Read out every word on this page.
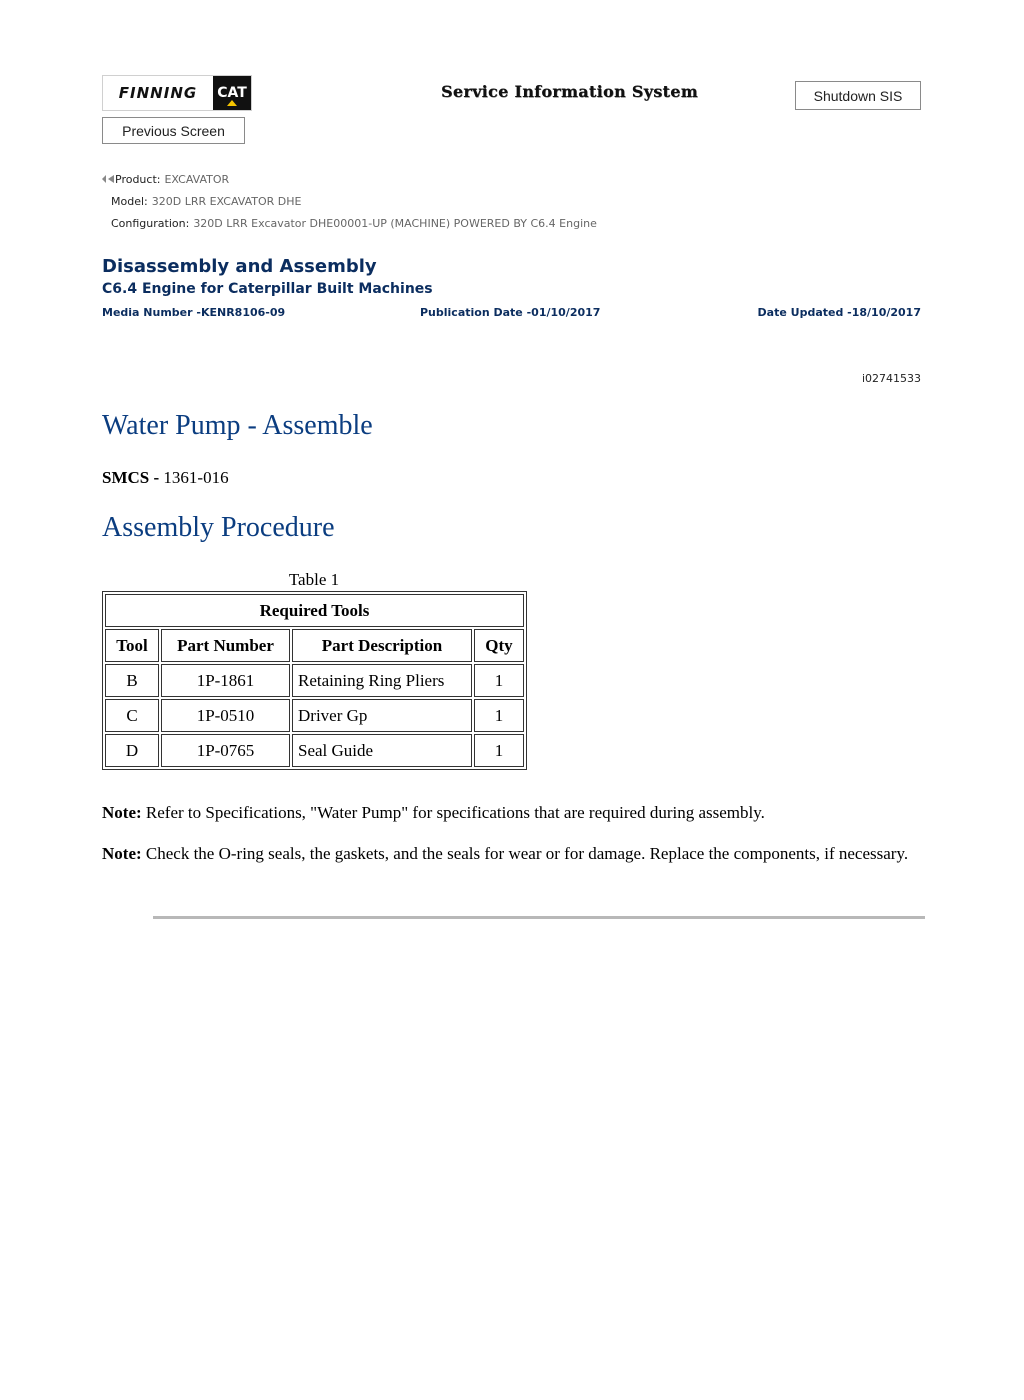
FINNING	CAT	Service Information System	Shutdown SIS
Previous Screen
Product: EXCAVATOR
Model: 320D LRR EXCAVATOR DHE
Configuration: 320D LRR Excavator DHE00001-UP (MACHINE) POWERED BY C6.4 Engine
Disassembly and Assembly
C6.4 Engine for Caterpillar Built Machines
Media Number -KENR8106-09	Publication Date -01/10/2017	Date Updated -18/10/2017
i02741533
Water Pump - Assemble
SMCS - 1361-016
Assembly Procedure
Table 1
Required Tools			
Tool	Part Number	Part Description	Qty
B	1P-1861	Retaining Ring Pliers	1
C	1P-0510	Driver Gp	1
D	1P-0765	Seal Guide	1
Note: Refer to Specifications, "Water Pump" for specifications that are required during assembly.
Note: Check the O-ring seals, the gaskets, and the seals for wear or for damage. Replace the components, if necessary.
